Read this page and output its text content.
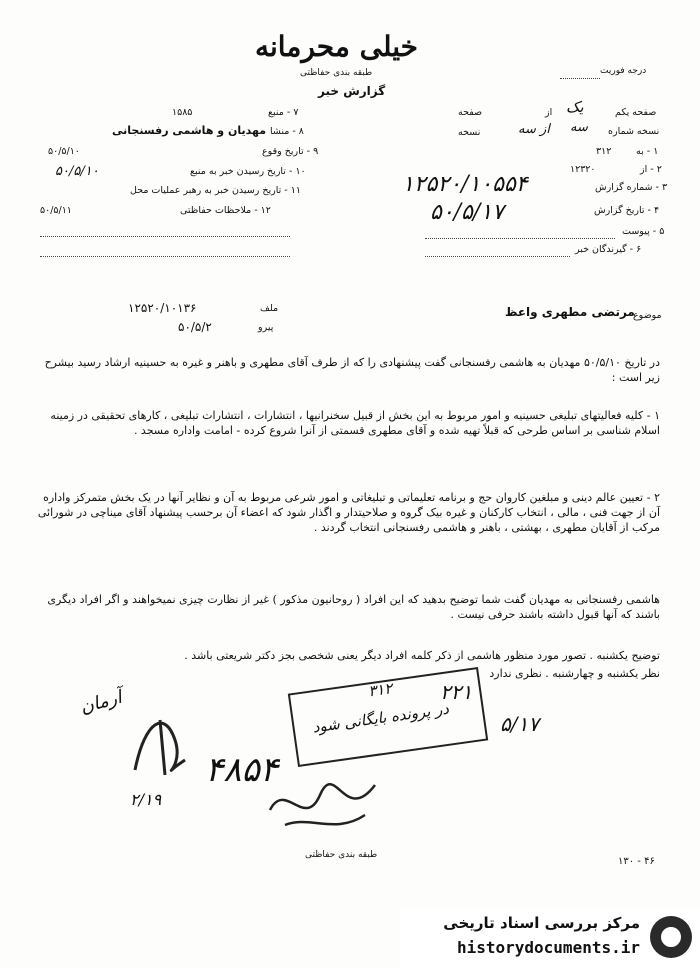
خیلی محرمانه
طبقه بندی حفاظتی
گزارش خبر
درجه فوریت
صفحه یکم
یک
از
صفحه
نسخه شماره
سه
از سه
نسخه
۱ - به
۳۱۲
۲ - از
۱۲۳۲۰
۳ - شماره گزارش
۱۲۵۲۰/۱۰۵۵۴
۴ - تاریخ گزارش
۵۰/۵/۱۷
۵ - پیوست
۶ - گیرندگان خبر
۷ - منبع
۱۵۸۵
۸ - منشا
مهدیان و هاشمی رفسنجانی
۹ - تاریخ وقوع
۵۰/۵/۱۰
۱۰ - تاریخ رسیدن خبر به منبع
۵۰/۵/۱۰
۱۱ - تاریخ رسیدن خبر به رهبر عملیات محل
۱۲ - ملاحظات حفاظتی
۵۰/۵/۱۱
موضوع
مرتضی مطهری واعظ
ملف
۱۲۵۲۰/۱۰۱۳۶
پیرو
۵۰/۵/۲
در تاریخ ۵۰/۵/۱۰ مهدیان به هاشمی رفسنجانی گفت پیشنهادی را که از طرف آقای مطهری و باهنر و غیره به حسینیه ارشاد رسید بیشرح زیر است :
۱ - کلیه فعالیتهای تبلیغی حسینیه و امور مربوط به این بخش از قبیل سخنرانیها ، انتشارات ، انتشارات تبلیغی ، کارهای تحقیقی در زمینه اسلام شناسی بر اساس طرحی که قبلاً تهیه شده و آقای مطهری قسمتی از آنرا شروع کرده - امامت واداره مسجد .
۲ - تعیین عالم دینی و مبلغین کاروان حج و برنامه تعلیماتی و تبلیغاتی و امور شرعی مربوط به آن و نظایر آنها در یک بخش متمرکز واداره آن از جهت فنی ، مالی ، انتخاب کارکنان و غیره بیک گروه و صلاحیتدار و اگذار شود که اعضاء آن برحسب پیشنهاد آقای میناچی در شورائی مرکب از آقایان مطهری ، بهشتی ، باهنر و هاشمی رفسنجانی انتخاب گردند .
هاشمی رفسنجانی به مهدیان گفت شما توضیح بدهید که این افراد ( روحانیون مذکور ) غیر از نظارت چیزی نمیخواهند و اگر افراد دیگری باشند که آنها قبول داشته باشند حرفی نیست .
توضیح یکشنبه . تصور مورد منظور هاشمی از ذکر کلمه افراد دیگر یعنی شخصی بجز دکتر شریعتی باشد .
نظر یکشنبه و چهارشنبه . نظری ندارد
آرمان	۳۱۲
در پرونده بایگانی شود
۲۲۱
۵/۱۷
۴۸۵۴
۲/۱۹
طبقه بندی حفاظتی
۱۳۰ - ۴۶
مرکز بررسی اسناد تاریخی
historydocuments.ir
